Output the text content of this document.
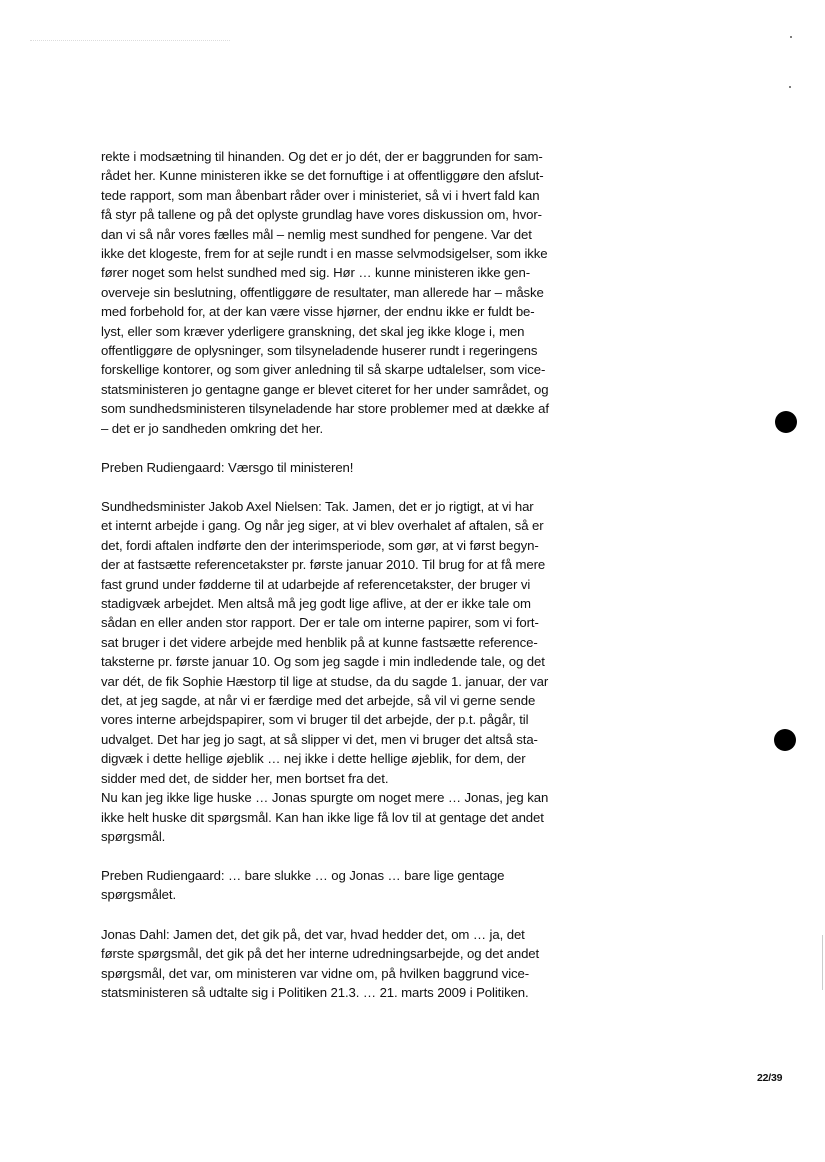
rekte i modsætning til hinanden. Og det er jo dét, der er baggrunden for sam-
rådet her. Kunne ministeren ikke se det fornuftige i at offentliggøre den afslut-
tede rapport, som man åbenbart råder over i ministeriet, så vi i hvert fald kan
få styr på tallene og på det oplyste grundlag have vores diskussion om, hvor-
dan vi så når vores fælles mål – nemlig mest sundhed for pengene. Var det
ikke det klogeste, frem for at sejle rundt i en masse selvmodsigelser, som ikke
fører noget som helst sundhed med sig. Hør … kunne ministeren ikke gen-
overveje sin beslutning, offentliggøre de resultater, man allerede har – måske
med forbehold for, at der kan være visse hjørner, der endnu ikke er fuldt be-
lyst, eller som kræver yderligere granskning, det skal jeg ikke kloge i, men
offentliggøre de oplysninger, som tilsyneladende huserer rundt i regeringens
forskellige kontorer, og som giver anledning til så skarpe udtalelser, som vice-
statsministeren jo gentagne gange er blevet citeret for her under samrådet, og
som sundhedsministeren tilsyneladende har store problemer med at dække af
– det er jo sandheden omkring det her.
Preben Rudiengaard: Værsgo til ministeren!
Sundhedsminister Jakob Axel Nielsen: Tak. Jamen, det er jo rigtigt, at vi har
et internt arbejde i gang. Og når jeg siger, at vi blev overhalet af aftalen, så er
det, fordi aftalen indførte den der interimsperiode, som gør, at vi først begyn-
der at fastsætte referencetakster pr. første januar 2010. Til brug for at få mere
fast grund under fødderne til at udarbejde af referencetakster, der bruger vi
stadigvæk arbejdet. Men altså må jeg godt lige aflive, at der er ikke tale om
sådan en eller anden stor rapport. Der er tale om interne papirer, som vi fort-
sat bruger i det videre arbejde med henblik på at kunne fastsætte reference-
taksterne pr. første januar 10. Og som jeg sagde i min indledende tale, og det
var dét, de fik Sophie Hæstorp til lige at studse, da du sagde 1. januar, der var
det, at jeg sagde, at når vi er færdige med det arbejde, så vil vi gerne sende
vores interne arbejdspapirer, som vi bruger til det arbejde, der p.t. pågår, til
udvalget. Det har jeg jo sagt, at så slipper vi det, men vi bruger det altså sta-
digvæk i dette hellige øjeblik … nej ikke i dette hellige øjeblik, for dem, der
sidder med det, de sidder her, men bortset fra det.
Nu kan jeg ikke lige huske … Jonas spurgte om noget mere … Jonas, jeg kan
ikke helt huske dit spørgsmål. Kan han ikke lige få lov til at gentage det andet
spørgsmål.
Preben Rudiengaard: … bare slukke … og Jonas … bare lige gentage
spørgsmålet.
Jonas Dahl: Jamen det, det gik på, det var, hvad hedder det, om … ja, det
første spørgsmål, det gik på det her interne udredningsarbejde, og det andet
spørgsmål, det var, om ministeren var vidne om, på hvilken baggrund vice-
statsministeren så udtalte sig i Politiken 21.3. … 21. marts 2009 i Politiken.
22/39
